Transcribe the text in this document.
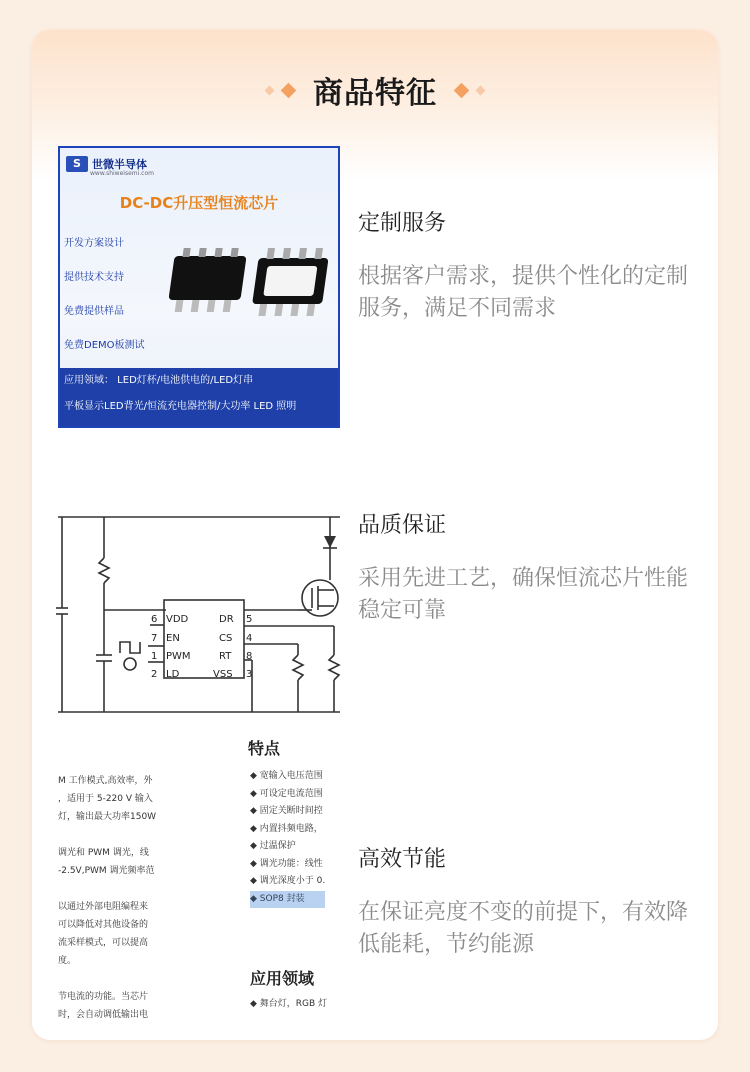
商品特征
S	世微半导体
www.shiweisemi.com
DC-DC升压型恒流芯片
开发方案设计
提供技术支持
免费提供样品
免费DEMO板测试
应用领域： LED灯杯/电池供电的/LED灯串
平板显示LED背光/恒流充电器控制/大功率 LED 照明
定制服务
根据客户需求，提供个性化的定制服务，满足不同需求
6 VDD
7 EN
1 PWM
2 LD
5
DR
4
CS
8
RT
3
VSS
品质保证
采用先进工艺，确保恒流芯片性能稳定可靠
特点
M 工作模式,高效率，外
，适用于 5-220 V 输入
灯，输出最大功率150W

调光和 PWM 调光，线
-2.5V,PWM 调光频率范

以通过外部电阻编程来
可以降低对其他设备的
流采样模式，可以提高
度。

节电流的功能。当芯片
时，会自动调低输出电
◆ 宽输入电压范围
◆ 可设定电流范围
◆ 固定关断时间控
◆ 内置抖频电路，
◆ 过温保护
◆ 调光功能：线性
◆ 调光深度小于 0.
◆ SOP8 封装
应用领域
◆ 舞台灯，RGB 灯
高效节能
在保证亮度不变的前提下，有效降低能耗，节约能源
